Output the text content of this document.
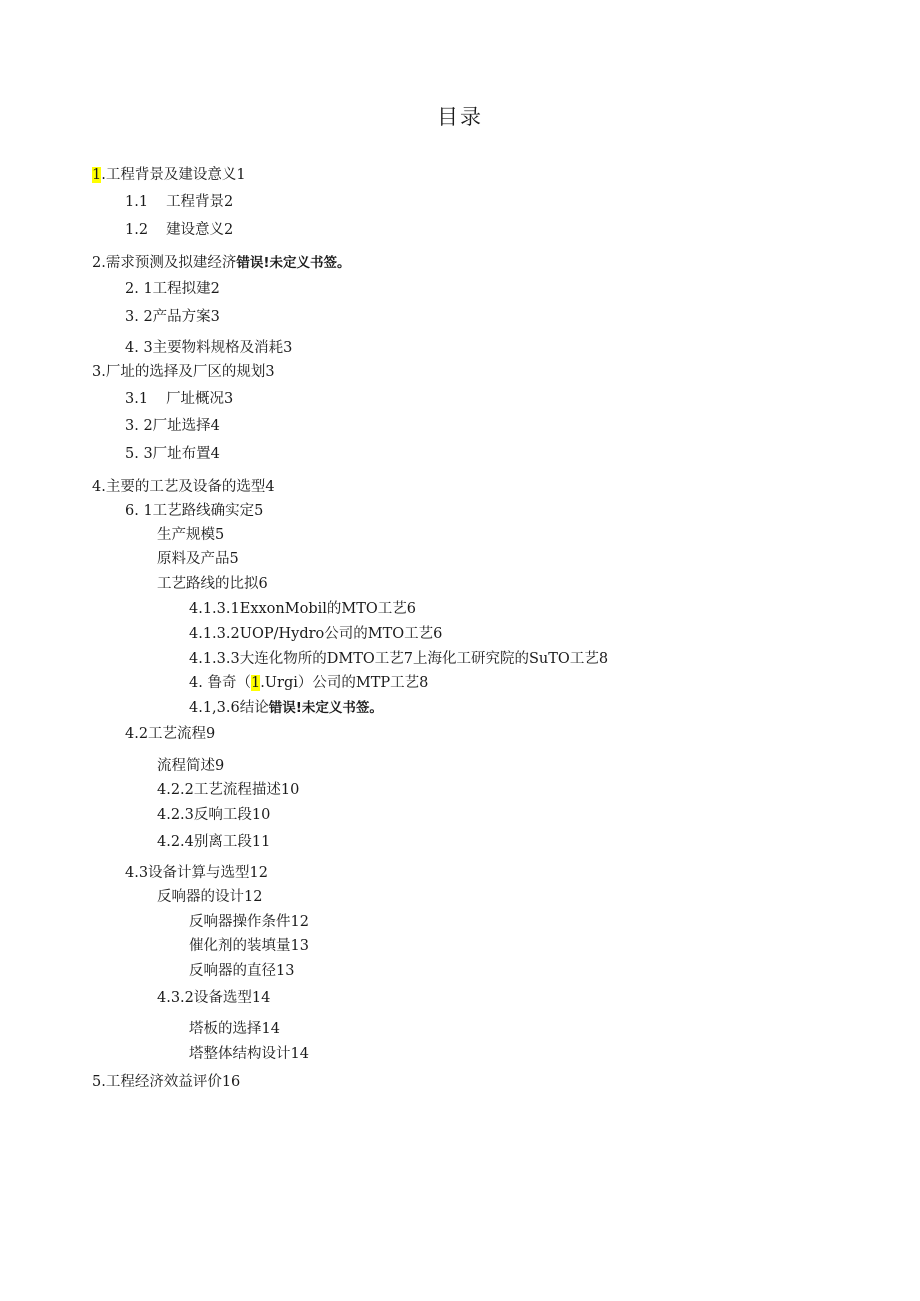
目录
1.工程背景及建设意义1
1.1 工程背景2
1.2 建设意义2
2.需求预测及拟建经济错误!未定义书签。
2. 1工程拟建2
3. 2产品方案3
4. 3主要物料规格及消耗3
3.厂址的选择及厂区的规划3
3.1 厂址概况3
3. 2厂址选择4
5. 3厂址布置4
4.主要的工艺及设备的选型4
6. 1工艺路线确实定5
生产规模5
原料及产品5
工艺路线的比拟6
4.1.3.1ExxonMobil的MTO工艺6
4.1.3.2UOP/Hydro公司的MTO工艺6
4.1.3.3大连化物所的DMTO工艺7上海化工研究院的SuTO工艺8
4. 鲁奇（1.Urgi）公司的MTP工艺8
4.1,3.6结论错误!未定义书签。
4.2工艺流程9
流程简述9
4.2.2工艺流程描述10
4.2.3反响工段10
4.2.4别离工段11
4.3设备计算与选型12
反响器的设计12
反响器操作条件12
催化剂的装填量13
反响器的直径13
4.3.2设备选型14
塔板的选择14
塔整体结构设计14
5.工程经济效益评价16
